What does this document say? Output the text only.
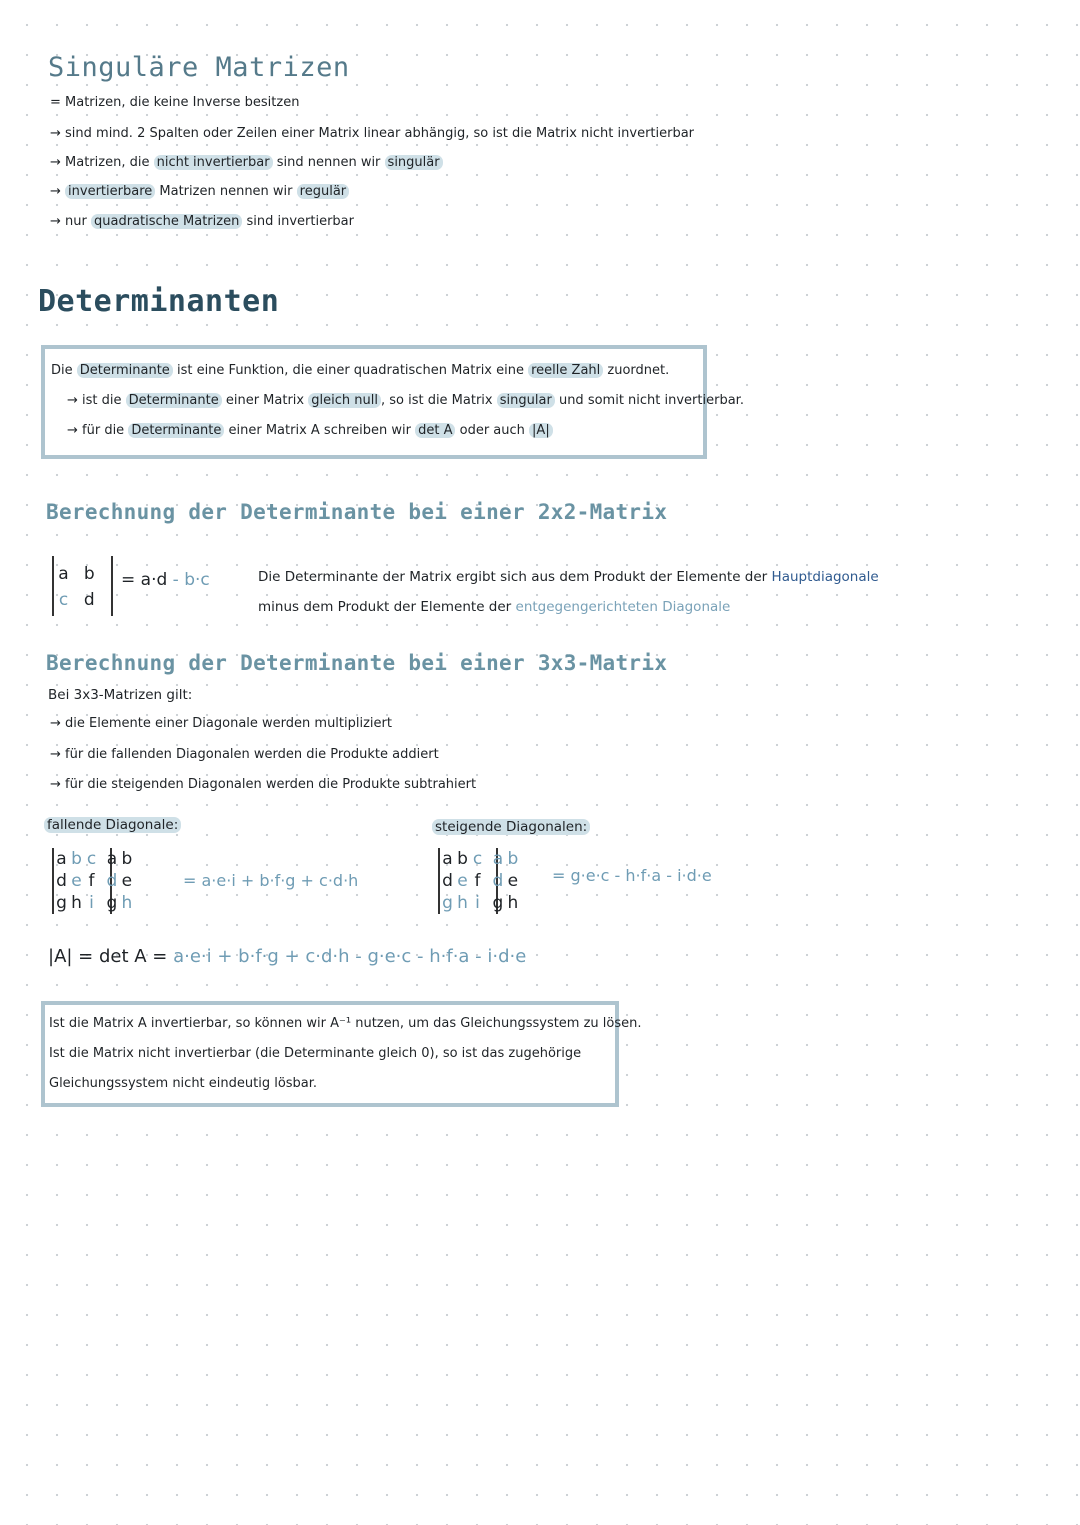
Singuläre Matrizen
= Matrizen, die keine Inverse besitzen
→ sind mind. 2 Spalten oder Zeilen einer Matrix linear abhängig, so ist die Matrix nicht invertierbar
→ Matrizen, die nicht invertierbar sind nennen wir singulär
→ invertierbare Matrizen nennen wir regulär
→ nur quadratische Matrizen sind invertierbar
Determinanten
Die Determinante ist eine Funktion, die einer quadratischen Matrix eine reelle Zahl zuordnet.
→ ist die Determinante einer Matrix gleich null , so ist die Matrix singular und somit nicht invertierbar.
→ für die Determinante einer Matrix A schreiben wir det A oder auch |A|
Berechnung der Determinante bei einer 2x2-Matrix
a b
c d
= a·d - b·c	Die Determinante der Matrix ergibt sich aus dem Produkt der Elemente der Hauptdiagonale
minus dem Produkt der Elemente der entgegengerichteten Diagonale
Berechnung der Determinante bei einer 3x3-Matrix
Bei 3x3-Matrizen gilt:
→ die Elemente einer Diagonale werden multipliziert
→ für die fallenden Diagonalen werden die Produkte addiert
→ für die steigenden Diagonalen werden die Produkte subtrahiert
fallende Diagonale:	steigende Diagonalen:
a b c a b
d e f d e
g h i g h
= a·e·i + b·f·g + c·d·h
a b c a b
d e f d e
g h i g h
= g·e·c - h·f·a - i·d·e
|A| = det A = a·e·i + b·f·g + c·d·h - g·e·c - h·f·a - i·d·e
Ist die Matrix A invertierbar, so können wir A⁻¹ nutzen, um das Gleichungssystem zu lösen.
Ist die Matrix nicht invertierbar (die Determinante gleich 0), so ist das zugehörige
Gleichungssystem nicht eindeutig lösbar.
